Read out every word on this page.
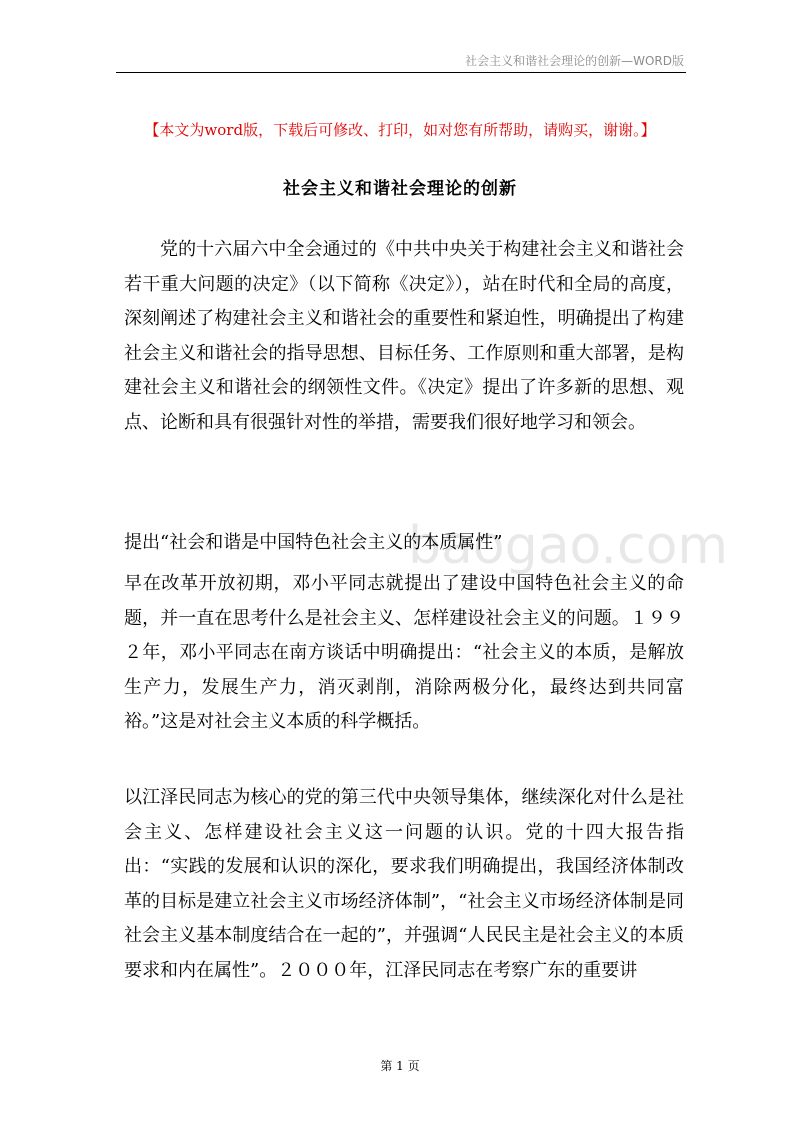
社会主义和谐社会理论的创新—WORD版
【本文为word版，下载后可修改、打印，如对您有所帮助，请购买，谢谢。】
社会主义和谐社会理论的创新

党的十六届六中全会通过的《中共中央关于构建社会主义和谐社会若干重大问题的决定》（以下简称《决定》），站在时代和全局的高度，深刻阐述了构建社会主义和谐社会的重要性和紧迫性，明确提出了构建社会主义和谐社会的指导思想、目标任务、工作原则和重大部署，是构建社会主义和谐社会的纲领性文件。《决定》提出了许多新的思想、观点、论断和具有很强针对性的举措，需要我们很好地学习和领会。

提出“社会和谐是中国特色社会主义的本质属性”

早在改革开放初期，邓小平同志就提出了建设中国特色社会主义的命题，并一直在思考什么是社会主义、怎样建设社会主义的问题。１９９２年，邓小平同志在南方谈话中明确提出：“社会主义的本质，是解放生产力，发展生产力，消灭剥削，消除两极分化，最终达到共同富裕。”这是对社会主义本质的科学概括。

以江泽民同志为核心的党的第三代中央领导集体，继续深化对什么是社会主义、怎样建设社会主义这一问题的认识。党的十四大报告指出：“实践的发展和认识的深化，要求我们明确提出，我国经济体制改革的目标是建立社会主义市场经济体制”，“社会主义市场经济体制是同社会主义基本制度结合在一起的”，并强调“人民民主是社会主义的本质要求和内在属性”。２０００年，江泽民同志在考察广东的重要讲

baogao.com
第 1 页
